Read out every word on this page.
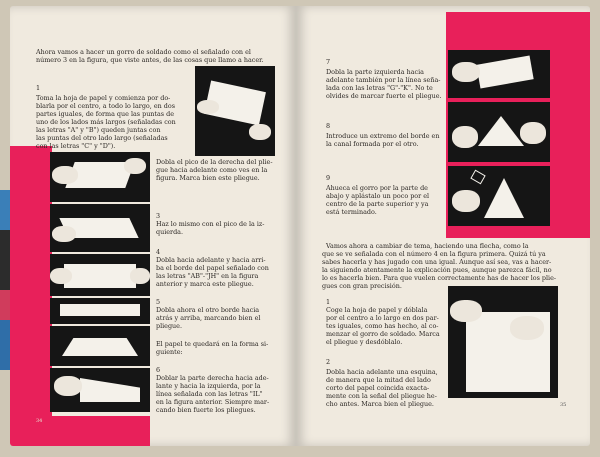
Ahora vamos a hacer un gorro de soldado como el señalado con el
número 3 en la figura, que viste antes, de las cosas que llamo a hacer.
1
Toma la hoja de papel y comienza por do-
blarla por el centro, a todo lo largo, en dos
partes iguales, de forma que las puntas de
uno de los lados más largos (señaladas con
las letras "A" y "B") queden juntas con
las puntas del otro lado largo (señaladas
con las letras "C" y "D").
Dobla el pico de la derecha del plie-
gue hacia adelante como ves en la
figura. Marca bien este pliegue.
3
Haz lo mismo con el pico de la iz-
quierda.
4
Dobla hacia adelante y hacia arri-
ba el borde del papel señalado con
las letras "AB"-"JH" en la figura
anterior y marca este pliegue.
5
Dobla ahora el otro borde hacia
atrás y arriba, marcando bien el
pliegue.
El papel te quedará en la forma si-
guiente:
6
Doblar la parte derecha hacia ade-
lante y hacia la izquierda, por la
línea señalada con las letras "IL"
en la figura anterior. Siempre mar-
cando bien fuerte los pliegues.
34
7
Dobla la parte izquierda hacia
adelante también por la línea seña-
lada con las letras "G"-"K". No te
olvides de marcar fuerte el pliegue.
8
Introduce un extremo del borde en
la canal formada por el otro.
9
Ahueca el gorro por la parte de
abajo y aplástalo un poco por el
centro de la parte superior y ya
está terminado.
Vamos ahora a cambiar de tema, haciendo una flecha, como la
que se ve señalada con el número 4 en la figura primera. Quizá tú ya
sabes hacerla y has jugado con una igual. Aunque así sea, vas a hacer-
la siguiendo atentamente la explicación pues, aunque parezca fácil, no
lo es hacerla bien. Para que vuelen correctamente has de hacer los plie-
gues con gran precisión.
1
Coge la hoja de papel y dóblala
por el centro a lo largo en dos par-
tes iguales, como has hecho, al co-
menzar el gorro de soldado. Marca
el pliegue y desdóblalo.
2
Dobla hacia adelante una esquina,
de manera que la mitad del lado
corto del papel coincida exacta-
mente con la señal del pliegue he-
cho antes. Marca bien el pliegue.	35
